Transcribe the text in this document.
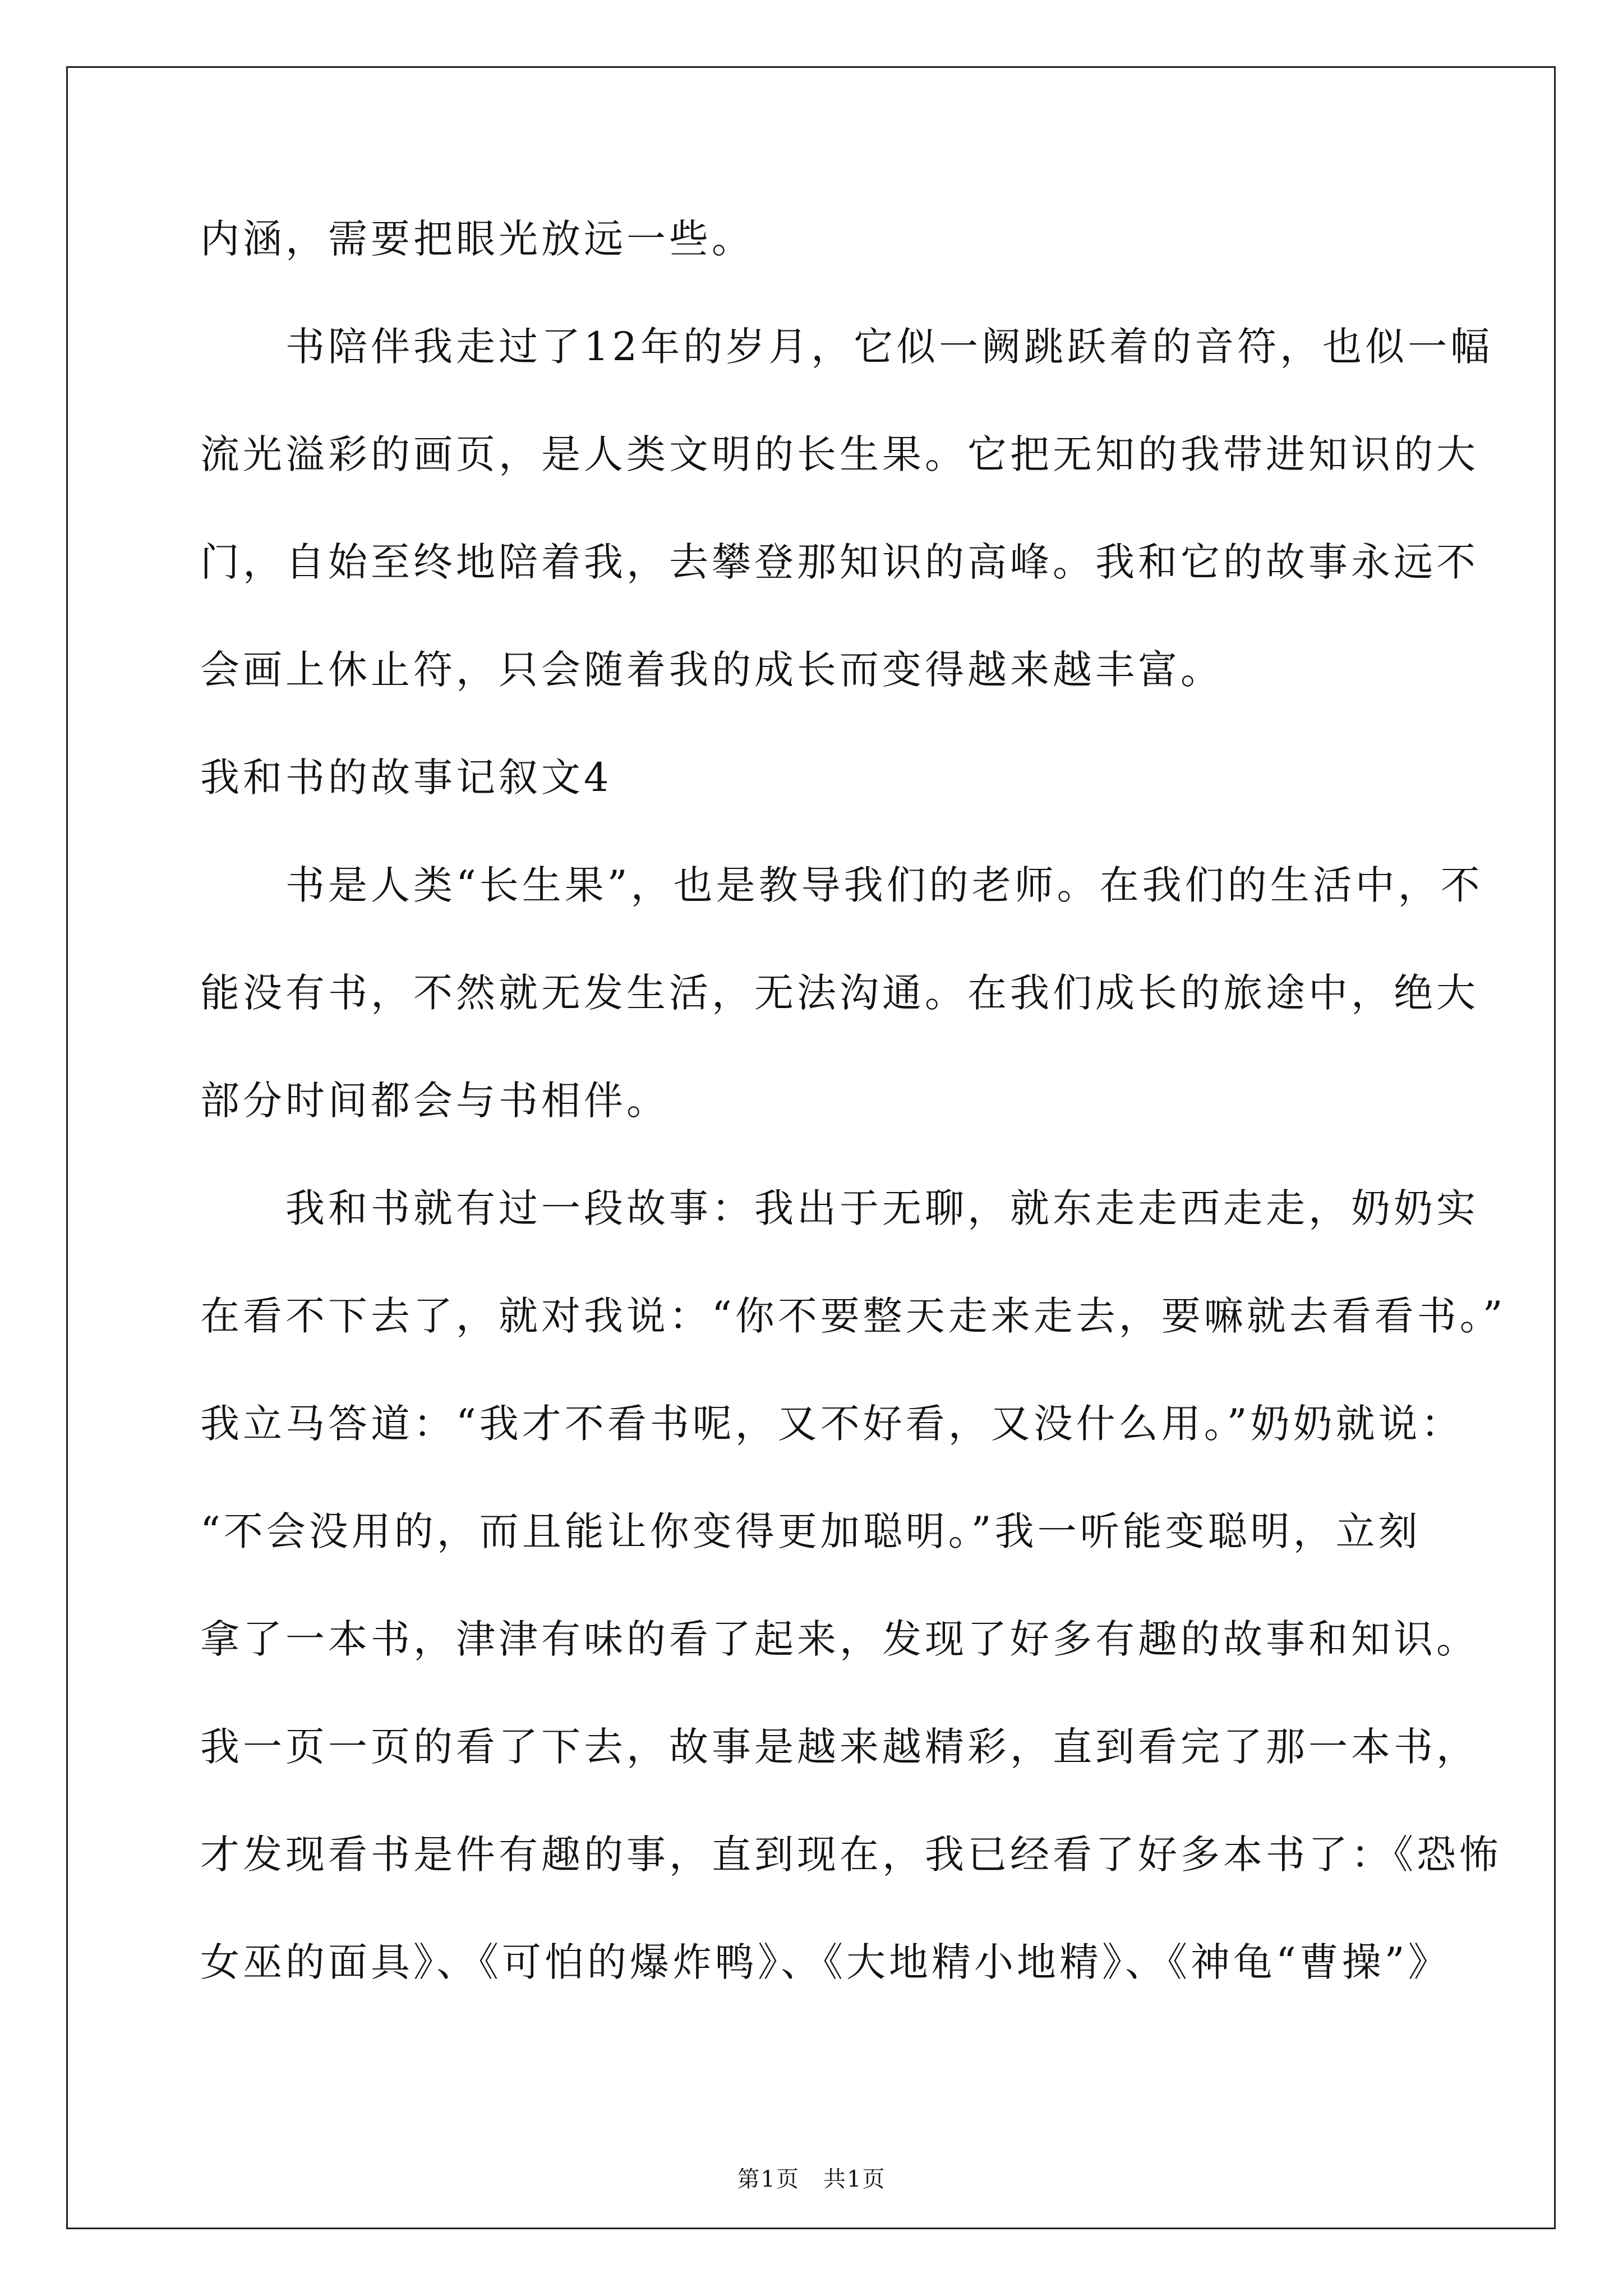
内涵，需要把眼光放远一些。

　　书陪伴我走过了12年的岁月，它似一阙跳跃着的音符，也似一幅

流光溢彩的画页，是人类文明的长生果。它把无知的我带进知识的大

门，自始至终地陪着我，去攀登那知识的高峰。我和它的故事永远不

会画上休止符，只会随着我的成长而变得越来越丰富。

我和书的故事记叙文4

　　书是人类“长生果”，也是教导我们的老师。在我们的生活中，不

能没有书，不然就无发生活，无法沟通。在我们成长的旅途中，绝大

部分时间都会与书相伴。

　　我和书就有过一段故事：我出于无聊，就东走走西走走，奶奶实

在看不下去了，就对我说：“你不要整天走来走去，要嘛就去看看书。”

我立马答道：“我才不看书呢，又不好看，又没什么用。”奶奶就说：

“不会没用的，而且能让你变得更加聪明。”我一听能变聪明，立刻

拿了一本书，津津有味的看了起来，发现了好多有趣的故事和知识。

我一页一页的看了下去，故事是越来越精彩，直到看完了那一本书，

才发现看书是件有趣的事，直到现在，我已经看了好多本书了：《恐怖

女巫的面具》、《可怕的爆炸鸭》、《大地精小地精》、《神龟“曹操”》

第1页　共1页
